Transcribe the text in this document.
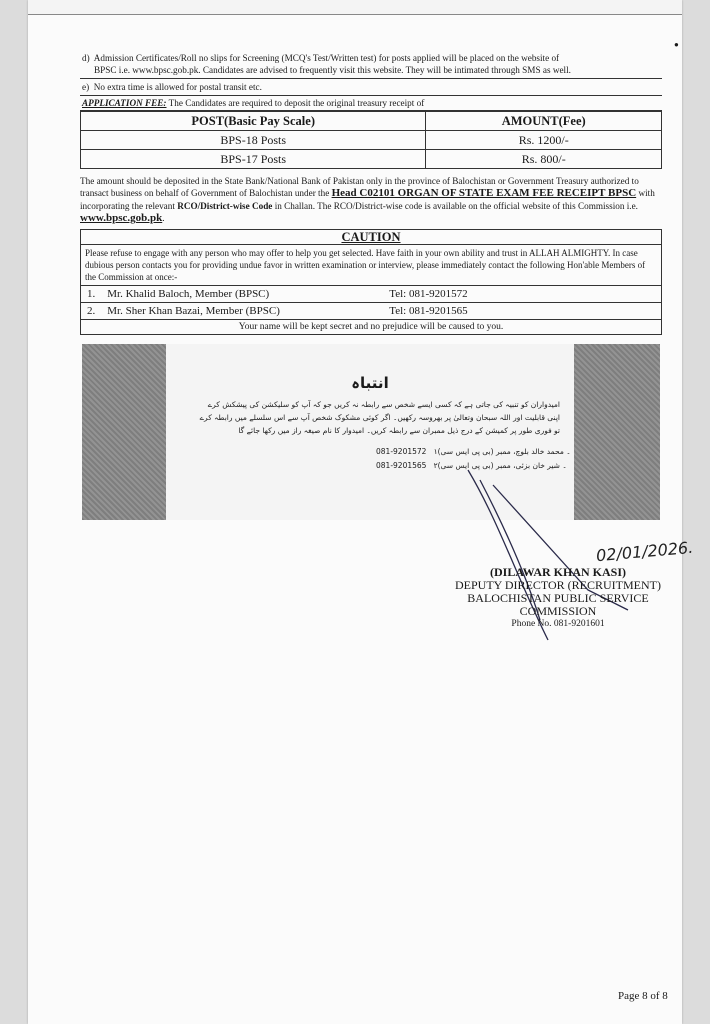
●
d)  Admission Certificates/Roll no slips for Screening (MCQ's Test/Written test) for posts applied will be placed on the website of
BPSC i.e. www.bpsc.gob.pk. Candidates are advised to frequently visit this website. They will be intimated through SMS as well.
e)  No extra time is allowed for postal transit etc.
APPLICATION FEE: The Candidates are required to deposit the original treasury receipt of
POST(Basic Pay Scale)	AMOUNT(Fee)
BPS-18 Posts	Rs. 1200/-
BPS-17 Posts	Rs. 800/-
The amount should be deposited in the State Bank/National Bank of Pakistan only in the province of Balochistan or Government Treasury authorized to transact business on behalf of Government of Balochistan under the Head C02101 ORGAN OF STATE EXAM FEE RECEIPT BPSC with incorporating the relevant RCO/District-wise Code in Challan. The RCO/District-wise code is available on the official website of this Commission i.e. www.bpsc.gob.pk.
CAUTION
Please refuse to engage with any person who may offer to help you get selected. Have faith in your own ability and trust in ALLAH ALMIGHTY. In case dubious person contacts you for providing undue favor in written examination or interview, please immediately contact the following Hon'able Members of the Commission at once:-
1.	Mr. Khalid Baloch, Member (BPSC)	Tel: 081-9201572
2.	Mr. Sher Khan Bazai, Member (BPSC)	Tel: 081-9201565
Your name will be kept secret and no prejudice will be caused to you.
انتباہ
امیدواران کو تنبیہ کی جاتی ہے کہ کسی ایسے شخص سے رابطہ نہ کریں جو کہ آپ کو سلیکشن کی پیشکش کرے
اپنی قابلیت اور اللہ سبحان وتعالیٰ پر بھروسہ رکھیں۔ اگر کوئی مشکوک شخص آپ سے اس سلسلے میں رابطہ کرے
تو فوری طور پر کمیشن کے درج ذیل ممبران سے رابطہ کریں۔ امیدوار کا نام صیغہ راز میں رکھا جائے گا
081-9201572 ۱۔ محمد خالد بلوچ، ممبر (بی پی ایس سی)
081-9201565 ۲۔ شیر خان بزئی، ممبر (بی پی ایس سی)
02/01/2026.
(DILAWAR KHAN KASI)
DEPUTY DIRECTOR (RECRUITMENT)
BALOCHISTAN PUBLIC SERVICE
COMMISSION
Phone No. 081-9201601
Page 8 of 8
